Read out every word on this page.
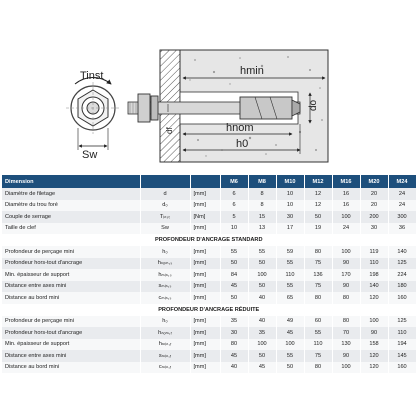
Tinst
Sw
hmin
hnom
h0
do
df
Dimension			M6	M8	M10	M12	M16	M20	M24
Diamètre de filetage	d	[mm]	6	8	10	12	16	20	24
Diamètre du trou foré	d₀	[mm]	6	8	10	12	16	20	24
Couple de serrage	Tᵢₙₛₜ	[Nm]	5	15	30	50	100	200	300
Taille de clef	Sw	[mm]	10	13	17	19	24	30	36
PROFONDEUR D'ANCRAGE STANDARD									
Profondeur de perçage mini	h₀	[mm]	55	55	59	80	100	119	140
Profondeur hors-tout d'ancrage	hₙₒₘ,ₛ	[mm]	50	50	55	75	90	110	125
Min. épaisseur de support	hₘᵢₙ,ₛ	[mm]	84	100	110	136	170	198	224
Distance entre axes mini	sₘᵢₙ,ₛ	[mm]	45	50	55	75	90	140	180
Distance au bord mini	cₘᵢₙ,ₛ	[mm]	50	40	65	80	80	120	160
PROFONDEUR D'ANCRAGE RÉDUITE									
Profondeur de perçage mini	h₀	[mm]	35	40	49	60	80	100	125
Profondeur hors-tout d'ancrage	hₙₒₘ,ᵣ	[mm]	30	35	45	55	70	90	110
Min. épaisseur de support	hₘᵢₙ,ᵣ	[mm]	80	100	100	110	130	158	194
Distance entre axes mini	sₘᵢₙ,ᵣ	[mm]	45	50	55	75	90	120	145
Distance au bord mini	cₘᵢₙ,ᵣ	[mm]	40	45	50	80	100	120	160
